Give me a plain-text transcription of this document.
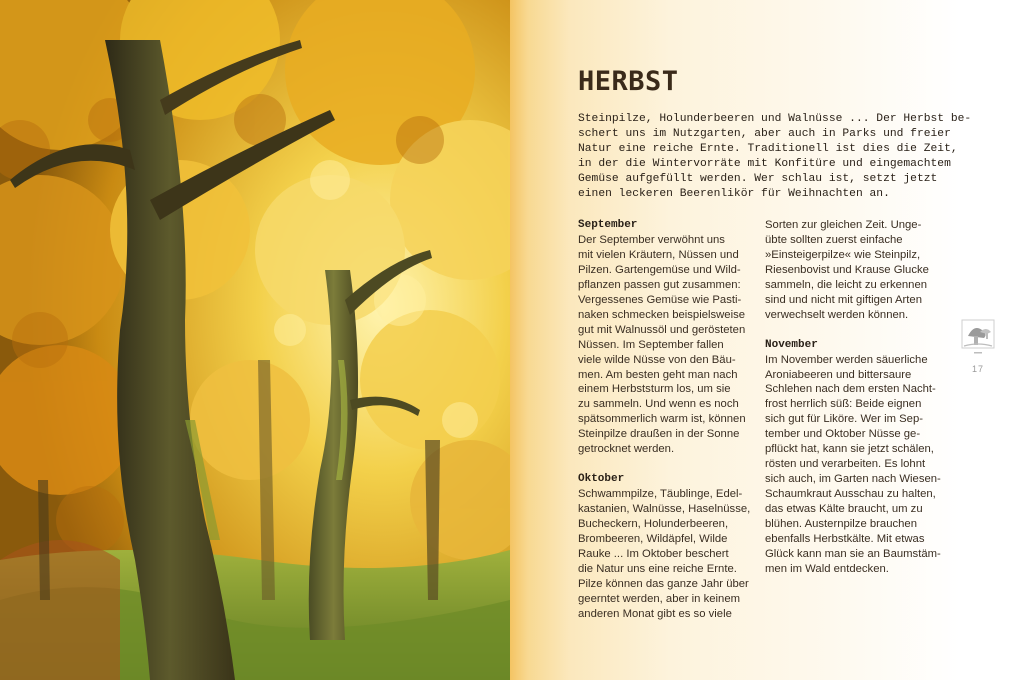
HERBST
Steinpilze, Holunderbeeren und Walnüsse ... Der Herbst be-
schert uns im Nutzgarten, aber auch in Parks und freier
Natur eine reiche Ernte. Traditionell ist dies die Zeit,
in der die Wintervorräte mit Konfitüre und eingemachtem
Gemüse aufgefüllt werden. Wer schlau ist, setzt jetzt
einen leckeren Beerenlikör für Weihnachten an.
September
Der September verwöhnt uns
mit vielen Kräutern, Nüssen und
Pilzen. Gartengemüse und Wild-
pflanzen passen gut zusammen:
Vergessenes Gemüse wie Pasti-
naken schmecken beispielsweise
gut mit Walnussöl und gerösteten
Nüssen. Im September fallen
viele wilde Nüsse von den Bäu-
men. Am besten geht man nach
einem Herbststurm los, um sie
zu sammeln. Und wenn es noch
spätsommerlich warm ist, können
Steinpilze draußen in der Sonne
getrocknet werden.
Oktober
Schwammpilze, Täublinge, Edel-
kastanien, Walnüsse, Haselnüsse,
Bucheckern, Holunderbeeren,
Brombeeren, Wildäpfel, Wilde
Rauke ... Im Oktober beschert
die Natur uns eine reiche Ernte.
Pilze können das ganze Jahr über
geerntet werden, aber in keinem
anderen Monat gibt es so viele
Sorten zur gleichen Zeit. Unge-
übte sollten zuerst einfache
»Einsteigerpilze« wie Steinpilz,
Riesenbovist und Krause Glucke
sammeln, die leicht zu erkennen
sind und nicht mit giftigen Arten
verwechselt werden können.
November
Im November werden säuerliche
Aroniabeeren und bittersaure
Schlehen nach dem ersten Nacht-
frost herrlich süß: Beide eignen
sich gut für Liköre. Wer im Sep-
tember und Oktober Nüsse ge-
pflückt hat, kann sie jetzt schälen,
rösten und verarbeiten. Es lohnt
sich auch, im Garten nach Wiesen-
Schaumkraut Ausschau zu halten,
das etwas Kälte braucht, um zu
blühen. Austernpilze brauchen
ebenfalls Herbstkälte. Mit etwas
Glück kann man sie an Baumstäm-
men im Wald entdecken.
17
